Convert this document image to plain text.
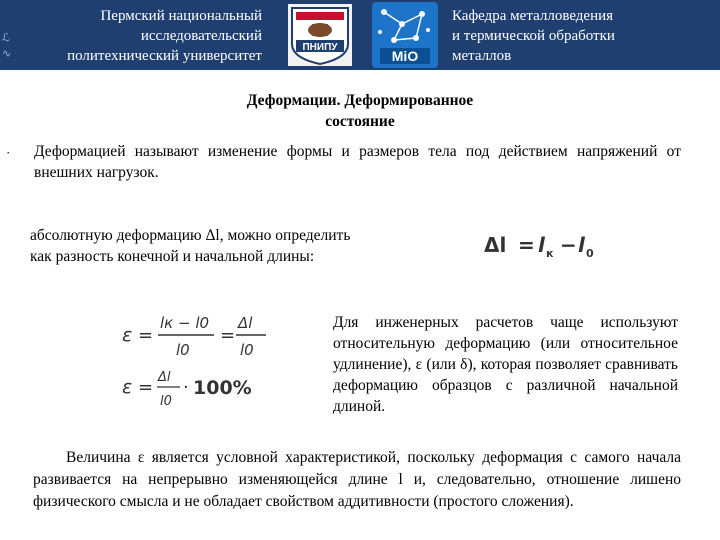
ℒ
∿
Пермский национальный
исследовательский
политехнический университет
ПНИПУ
MiO
Кафедра металловедения
и термической обработки
металлов
Деформации. Деформированное
состояние
· Деформацией называют изменение формы и размеров тела под действием напряжений от внешних нагрузок.
абсолютную деформацию Δl, можно определить
как разность конечной и начальной длины:	Δl = l к − l 0
ε =
lк − l0
l0
=
Δl
l0
ε = Δl
l0
· 100%
Для инженерных расчетов чаще используют относительную деформацию (или относительное удлинение), ε (или δ), которая позволяет сравнивать деформацию образцов с различной начальной длиной.
Величина ε является условной характеристикой, поскольку деформация с самого начала развивается на непрерывно изменяющейся длине l и, следовательно, отношение лишено физического смысла и не обладает свойством аддитивности (простого сложения).
